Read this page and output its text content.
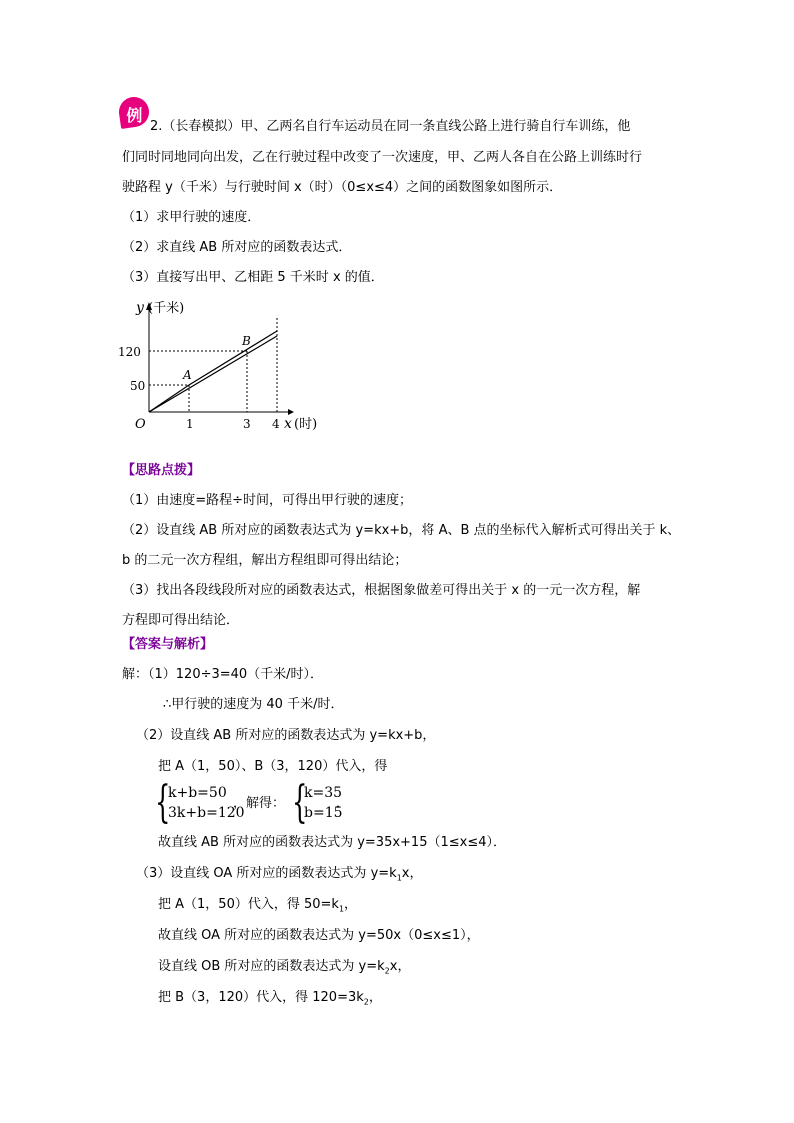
例
2.（长春模拟）甲、乙两名自行车运动员在同一条直线公路上进行骑自行车训练，他
们同时同地同向出发，乙在行驶过程中改变了一次速度，甲、乙两人各自在公路上训练时行
驶路程 y（千米）与行驶时间 x（时）（0≤x≤4）之间的函数图象如图所示．
（1）求甲行驶的速度．
（2）求直线 AB 所对应的函数表达式．
（3）直接写出甲、乙相距 5 千米时 x 的值．
y (千米)
120
50
O	1	3 4 x (时)
A
B
【思路点拨】
（1）由速度=路程÷时间，可得出甲行驶的速度；
（2）设直线 AB 所对应的函数表达式为 y=kx+b，将 A、B 点的坐标代入解析式可得出关于 k、
b 的二元一次方程组，解出方程组即可得出结论；
（3）找出各段线段所对应的函数表达式，根据图象做差可得出关于 x 的一元一次方程，解
方程即可得出结论．
【答案与解析】
解：（1）120÷3=40（千米/时）．
∴甲行驶的速度为 40 千米/时．
（2）设直线 AB 所对应的函数表达式为 y=kx+b，
把 A（1，50）、B（3，120）代入，得
{
k+b=50
3k+b=120
，解得： {
k=35
b=15
．
故直线 AB 所对应的函数表达式为 y=35x+15（1≤x≤4）．
（3）设直线 OA 所对应的函数表达式为 $y=k_1x$，
把 A（1，50）代入，得 $50=k_1$，
故直线 OA 所对应的函数表达式为 y=50x（0≤x≤1），
设直线 OB 所对应的函数表达式为 $y=k_2x$，
把 B（3，120）代入，得 $120=3k_2$，
